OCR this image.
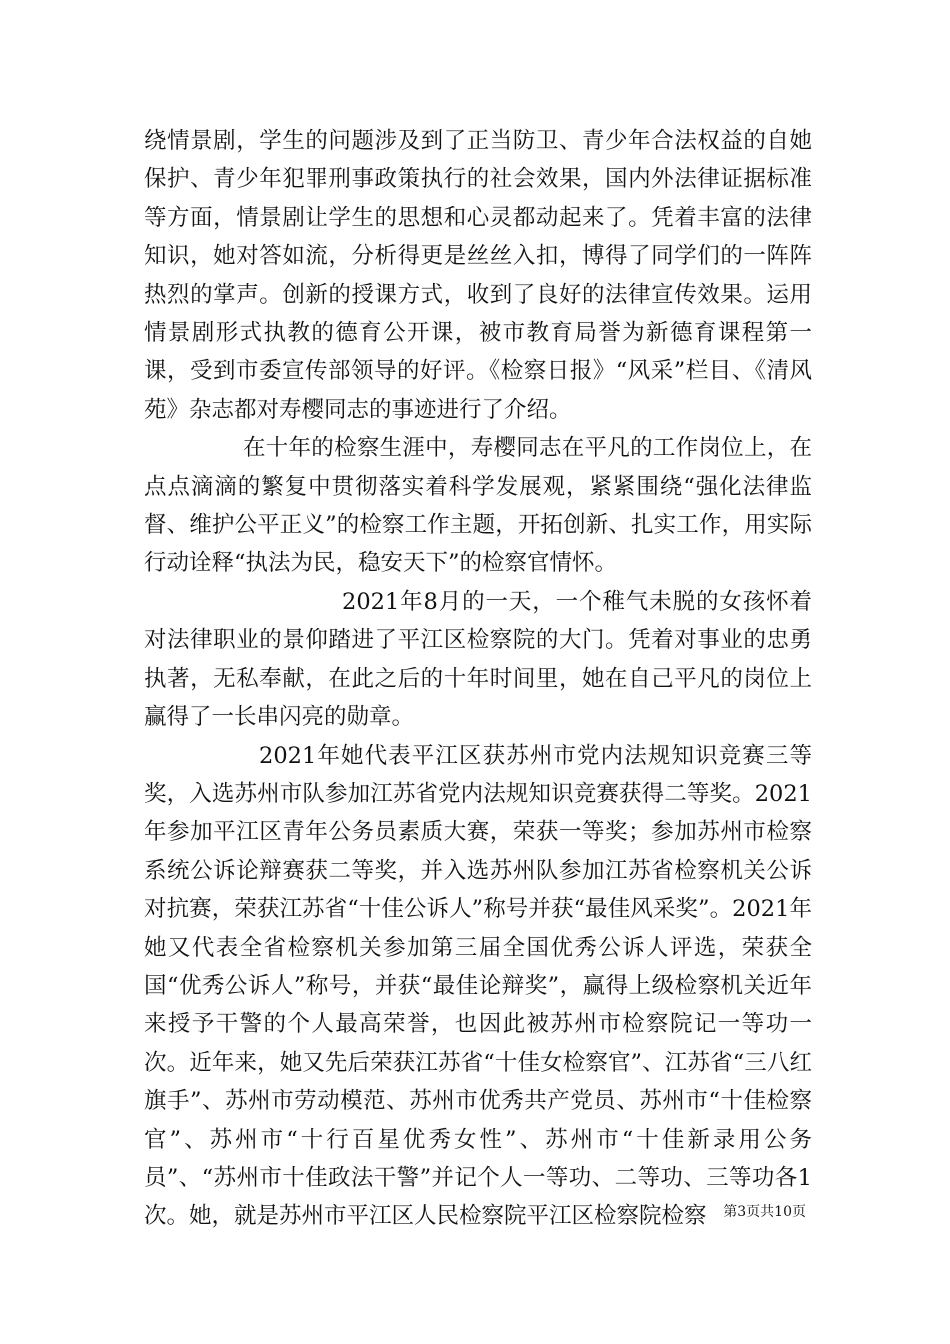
绕情景剧，学生的问题涉及到了正当防卫、青少年合法权益的自她保护、青少年犯罪刑事政策执行的社会效果，国内外法律证据标准等方面，情景剧让学生的思想和心灵都动起来了。凭着丰富的法律知识，她对答如流，分析得更是丝丝入扣，博得了同学们的一阵阵热烈的掌声。创新的授课方式，收到了良好的法律宣传效果。运用情景剧形式执教的德育公开课，被市教育局誉为新德育课程第一课，受到市委宣传部领导的好评。《检察日报》“风采”栏目、《清风苑》杂志都对寿樱同志的事迹进行了介绍。

在十年的检察生涯中，寿樱同志在平凡的工作岗位上，在点点滴滴的繁复中贯彻落实着科学发展观，紧紧围绕“强化法律监督、维护公平正义”的检察工作主题，开拓创新、扎实工作，用实际行动诠释“执法为民，稳安天下”的检察官情怀。

2021年8月的一天，一个稚气未脱的女孩怀着对法律职业的景仰踏进了平江区检察院的大门。凭着对事业的忠勇执著，无私奉献，在此之后的十年时间里，她在自己平凡的岗位上赢得了一长串闪亮的勋章。

2021年她代表平江区获苏州市党内法规知识竞赛三等奖，入选苏州市队参加江苏省党内法规知识竞赛获得二等奖。2021年参加平江区青年公务员素质大赛，荣获一等奖；参加苏州市检察系统公诉论辩赛获二等奖，并入选苏州队参加江苏省检察机关公诉对抗赛，荣获江苏省“十佳公诉人”称号并获“最佳风采奖”。2021年她又代表全省检察机关参加第三届全国优秀公诉人评选，荣获全国“优秀公诉人”称号，并获“最佳论辩奖”，赢得上级检察机关近年来授予干警的个人最高荣誉，也因此被苏州市检察院记一等功一次。近年来，她又先后荣获江苏省“十佳女检察官”、江苏省“三八红旗手”、苏州市劳动模范、苏州市优秀共产党员、苏州市“十佳检察官”、苏州市“十行百星优秀女性”、苏州市“十佳新录用公务员”、“苏州市十佳政法干警”并记个人一等功、二等功、三等功各1次。她，就是苏州市平江区人民检察院平江区检察院检察	第3页共10页
